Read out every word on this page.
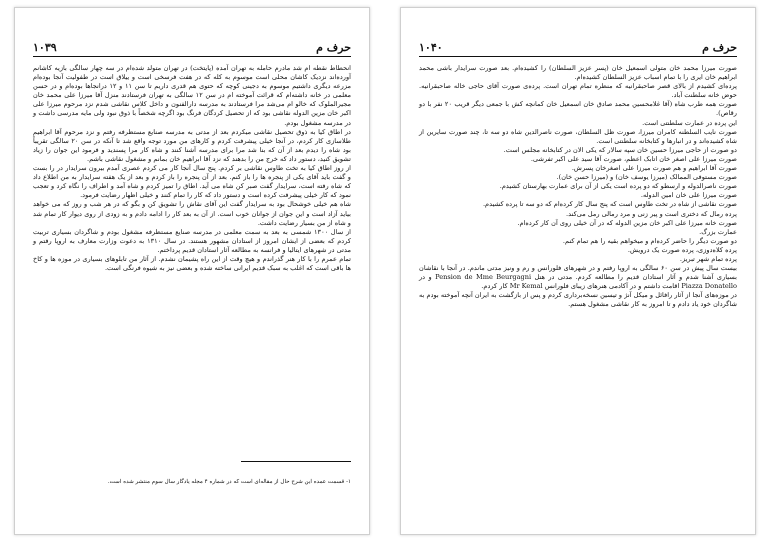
حرف م
۱۰۳۹

انحطاط نقطه ام شد مادرم حامله به تهران آمده (پایتخت) در تهران متولد شده‌ام در سه چهار سالگی بازیه کاشانم آورده‌اند نزدیک کاشان محلی است موسوم به کله که در هفت فرسخی است و ییلاق است در طفولیت آنجا بوده‌ام مزرعه دیگری داشتیم موسوم به دجینی کوچه که حتوی هم قدری داریم تا سن ۱۱ و ۱۲ درانجاها بوده‌ام و در حسن معلمی در خانه داشته‌ام که قرائت آموخته ام در سن ۱۲ سالگی به تهران فرستادند منزل آقا میرزا علی محمد خان مجیرالملوک که خالو ام می‌شد مرا فرستادند به مدرسه دارالفنون و داخل کلاس نقاشی شدم نزد مرحوم میرزا علی اکبر خان مزین الدوله نقاشی بود که از تحصیل کردگان فرنگ بود اگرچه شخصاً با ذوق نبود ولی مایه مدرسی داشت و در مدرسه مشغول بودم.

در اطاق کیا به ذوق تحصیل نقاشی میکردم بعد از مدتی به مدرسه صنایع مستظرفه رفتم و نزد مرحوم آقا ابراهیم طلاسازی کار کردم، در آنجا خیلی پیشرفت کردم و کارهای من مورد توجه واقع شد تا آنکه در سن ۲۰ سالگی تقریباً بود شاه را دیدم بعد از آن که بنا شد مرا برای مدرسه آشنا کنند و شاه کار مرا پسندید و فرمود این جوان را زیاد تشویق کنید، دستور داد که خرج من را بدهند که نزد آقا ابراهیم خان بمانم و مشغول نقاشی باشم.

از روز اطاق کیا به تخت طاوس نقاشی بر کردم. پنج سال آنجا کار می کردم عصری آمدم بیرون سرایدار در را بست و گفت باید آقای یکی از پنجره ها را باز کنم. بعد از آن پنجره را باز کردم و بعد از یک هفته سرایدار به من اطلاع داد که شاه رفته است، سرایدار گفت صبر کن شاه می آید. اطاق را تمیز کردم و شاه آمد و اطراف را نگاه کرد و تعجب نمود که کار خیلی پیشرفت کرده است و دستور داد که کار را تمام کنند و خیلی اظهار رضایت فرمود.

شاه هم خیلی خوشحال بود به سرایدار گفت این آقای نقاش را تشویق کن و بگو که در هر شب و روز که می خواهد بیاید آزاد است و این جوان از جوانان خوب است. از آن به بعد کار را ادامه دادم و به زودی از روی دیوار کار تمام شد و شاه از من بسیار رضایت داشت.

از سال ۱۳۰۰ شمسی به بعد به سمت معلمی در مدرسه صنایع مستظرفه مشغول بودم و شاگردان بسیاری تربیت کردم که بعضی از ایشان امروز از استادان مشهور هستند. در سال ۱۳۱۰ به دعوت وزارت معارف به اروپا رفتم و مدتی در شهرهای ایتالیا و فرانسه به مطالعه آثار استادان قدیم پرداختم.

تمام عمرم را با کار هنر گذراندم و هیچ وقت از این راه پشیمان نشدم. از آثار من تابلوهای بسیاری در موزه ها و کاخ ها باقی است که اغلب به سبک قدیم ایرانی ساخته شده و بعضی نیز به شیوه فرنگی است.

۱- قسمت عمده این شرح حال از مقاله‌ای است که در شماره ۴ مجله یادگار سال سوم منتشر شده است.
حرف م
۱۰۴۰

صورت میرزا محمد خان متولی اسمعیل خان (پسر عزیز السلطان) را کشیده‌ام. بعد صورت سرایدار باشی محمد ابراهیم خان ایری را با تمام اسباب عزیز السلطان کشیده‌ام.

پرده‌ای کشیدم از بالای قصر صاحبقرانیه که منظره تمام تهران است. پرده‌ی صورت آقای حاجی خاله صاحبقرانیه. حوض خانه سلطنت آباد.

صورت همه طرب شاه (آقا غلامحسین محمد صادق خان اسمعیل خان کمانچه کش با جمعی دیگر قریب ۲۰ نفر با دو رقاص).

این پرده در عمارت سلطنتی است.

صورت نایب السلطنه کامران میرزا، صورت ظل السلطان، صورت ناصرالدین شاه دو سه تا، چند صورت سایرین از شاه کشیده‌اند و در انبارها و کتابخانه سلطنتی است.

دو صورت از حاجی میرزا حسین خان سپه سالار که یکی الان در کتابخانه مجلس است.

صورت میرزا علی اصغر خان اتابک اعظم، صورت آقا سید علی اکبر تفرشی.

صورت آقا ابراهیم و هم صورت میرزا علی اصغرخان پسرش.

صورت مستوفی الممالک (میرزا یوسف خان) و (میرزا حسن خان).

صورت ناصرالدوله و ارسطو که دو پرده است یکی از آن برای عمارت بهارستان کشیدم.

صورت میرزا علی خان امین الدوله.

صورت نقاشی از شاه در تخت طاوس است که پنج سال کار کرده‌ام که دو سه تا پرده کشیدم.

پرده رمال که دختری است و پیر زنی و مرد رمالی رمل می‌کند.

صورت خانه میرزا علی اکبر خان مزین الدوله که در آن خیلی روی آن کار کرده‌ام.

عمارت بزرگ.

دو صورت دیگر را حاضر کرده‌ام و میخواهم بقیه را هم تمام کنم.

پرده کلاه‌دوزی، پرده صورت یک درویش.

پرده تمام شهر تبریز.

بیست سال پیش در سن ۶۰ سالگی به اروپا رفتم و در شهرهای فلورانس و رم و ونیز مدتی ماندم. در آنجا با نقاشان بسیاری آشنا شدم و آثار استادان قدیم را مطالعه کردم. مدتی در هتل Pension de Mme Beurgagni و در Piazza Donatello اقامت داشتم و در آکادمی هنرهای زیبای فلورانس Mr Kemal کار کردم.

در موزه‌های آنجا از آثار رافائل و میکل آنژ و تیسین نسخه‌برداری کردم و پس از بازگشت به ایران آنچه آموخته بودم به شاگردان خود یاد دادم و تا امروز به کار نقاشی مشغول هستم.
